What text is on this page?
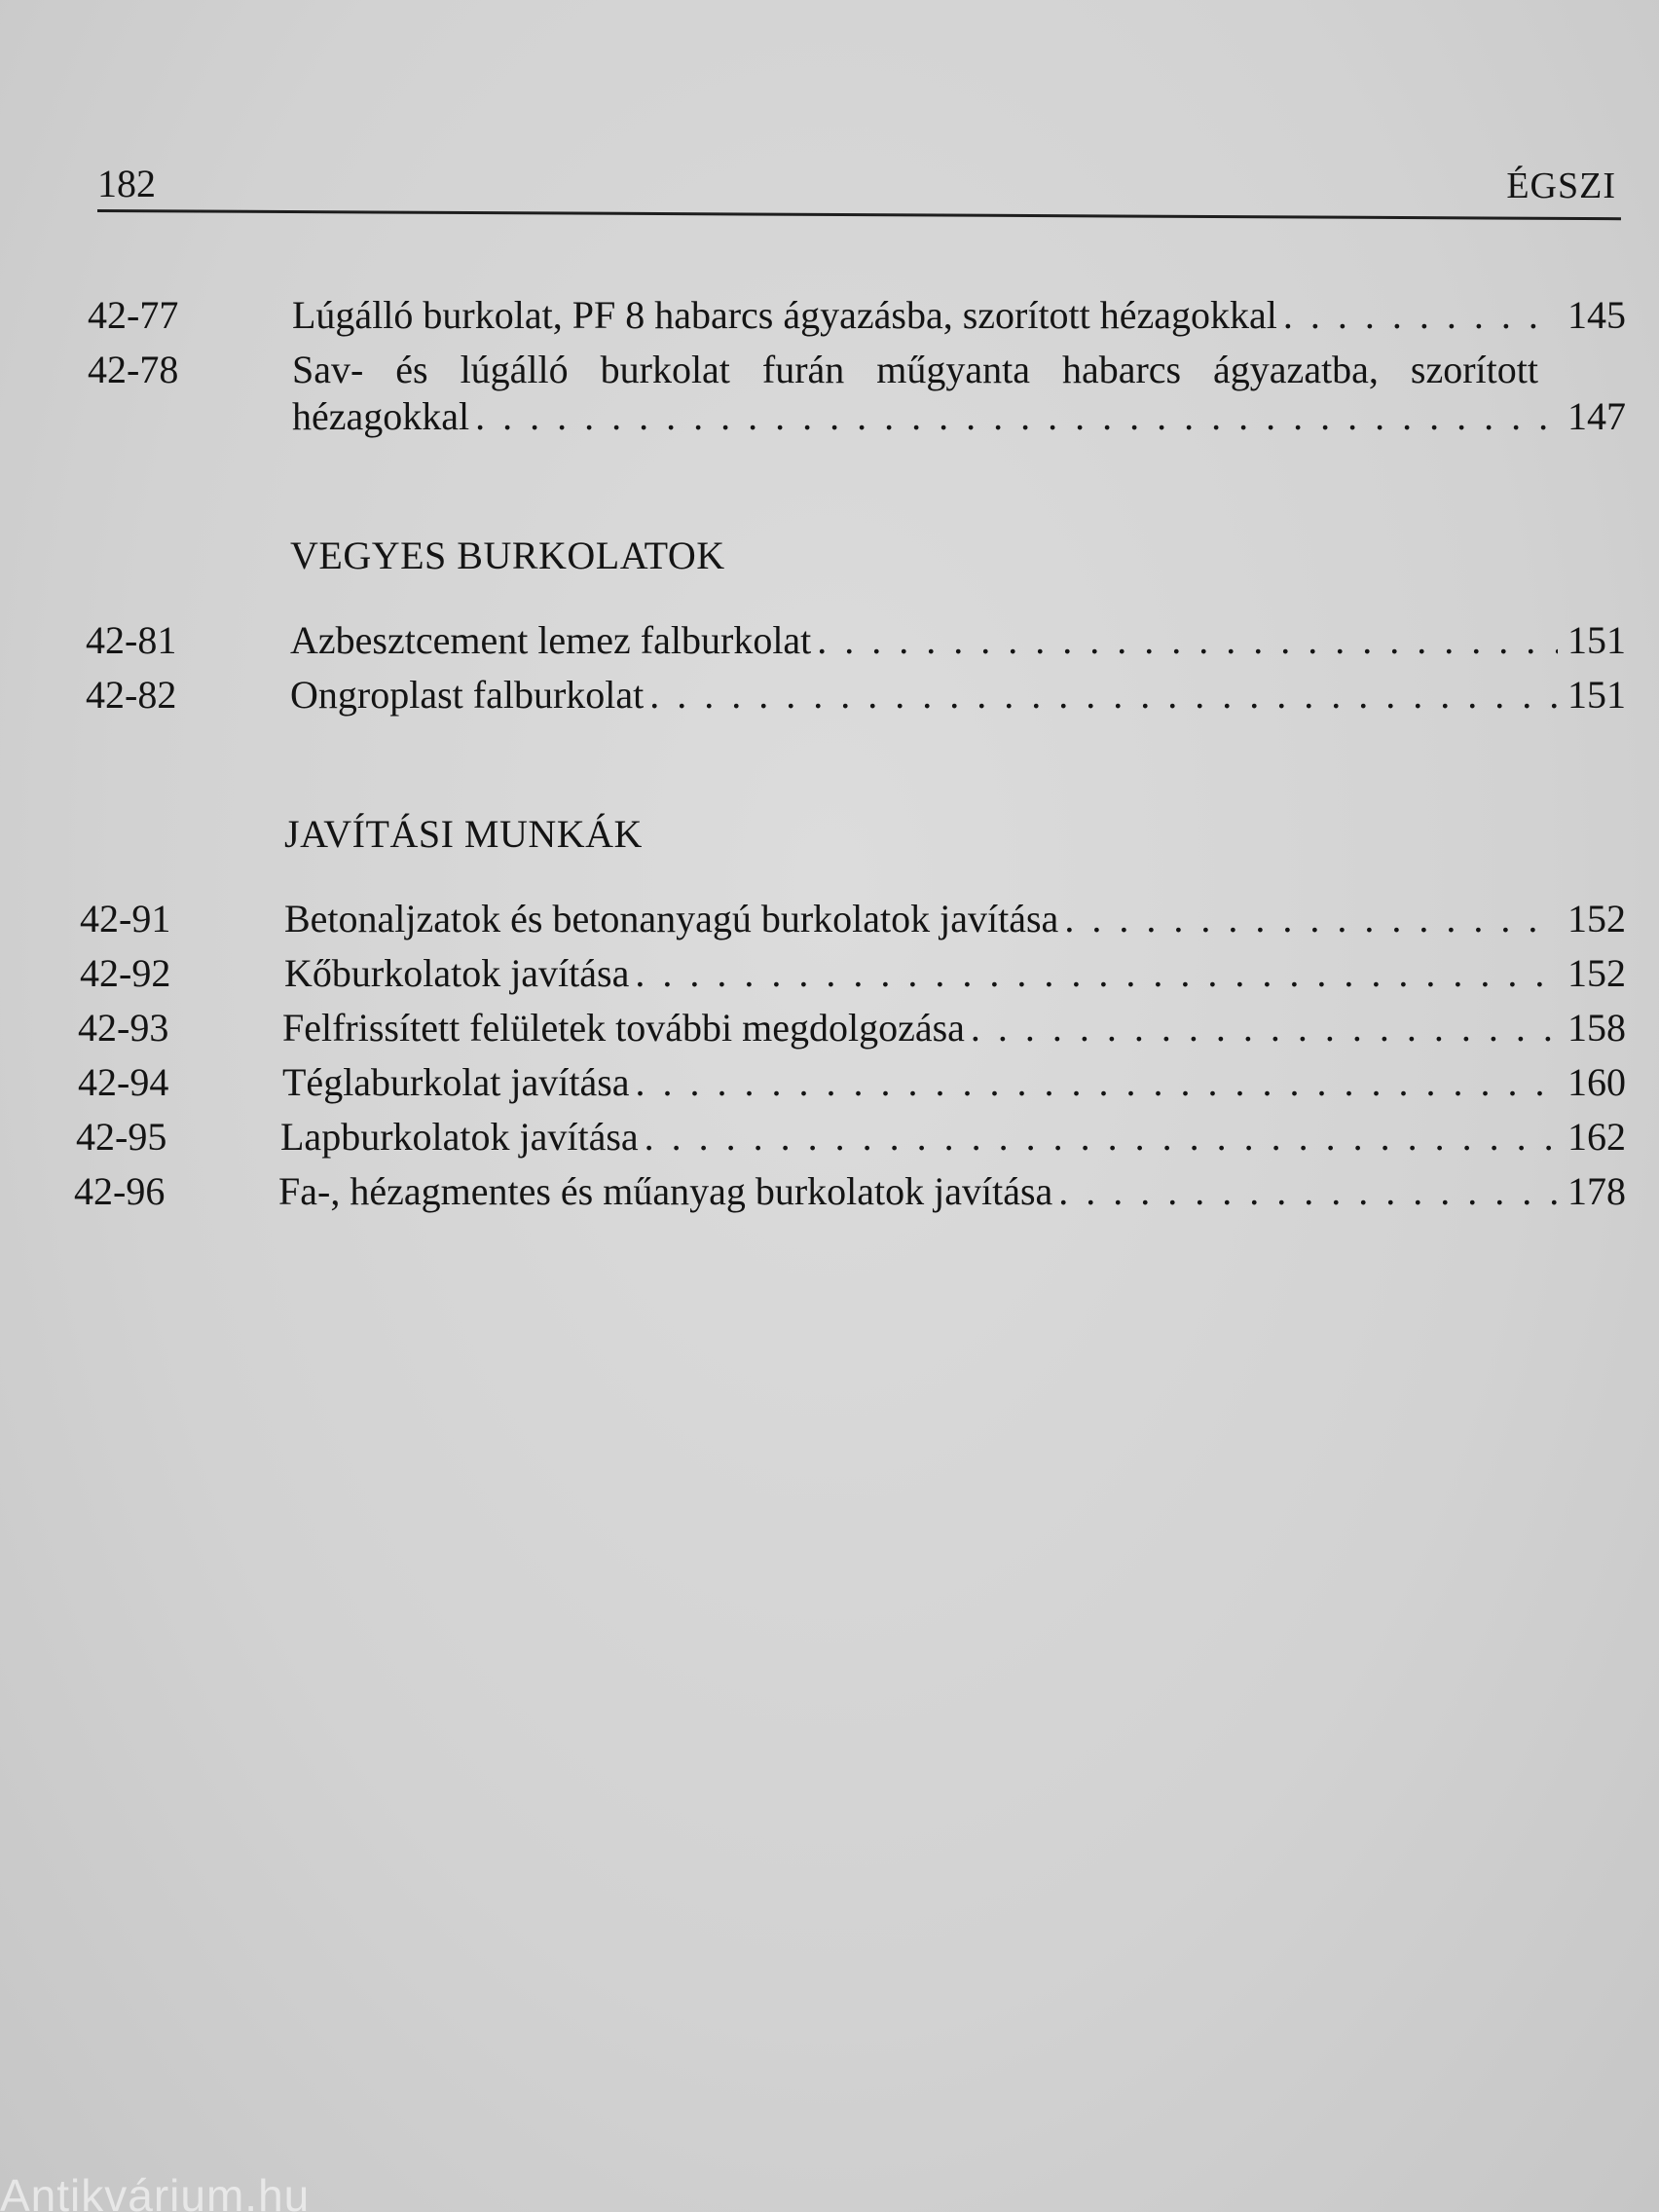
182	ÉGSZI
42-77	Lúgálló burkolat, PF 8 habarcs ágyazásba, szorított hézagokkal . . .	145
42-78	Sav- és lúgálló burkolat furán műgyanta habarcs ágyazatba, szorított
hézagokkal . . .	147
VEGYES BURKOLATOK
42-81	Azbesztcement lemez falburkolat . . .	151
42-82	Ongroplast falburkolat . . .	151
JAVÍTÁSI MUNKÁK
42-91	Betonaljzatok és betonanyagú burkolatok javítása . . .	152
42-92	Kőburkolatok javítása . . .	152
42-93	Felfrissített felületek további megdolgozása . . .	158
42-94	Téglaburkolat javítása . . .	160
42-95	Lapburkolatok javítása . . .	162
42-96	Fa-, hézagmentes és műanyag burkolatok javítása . . .	178
Antikvárium.hu
